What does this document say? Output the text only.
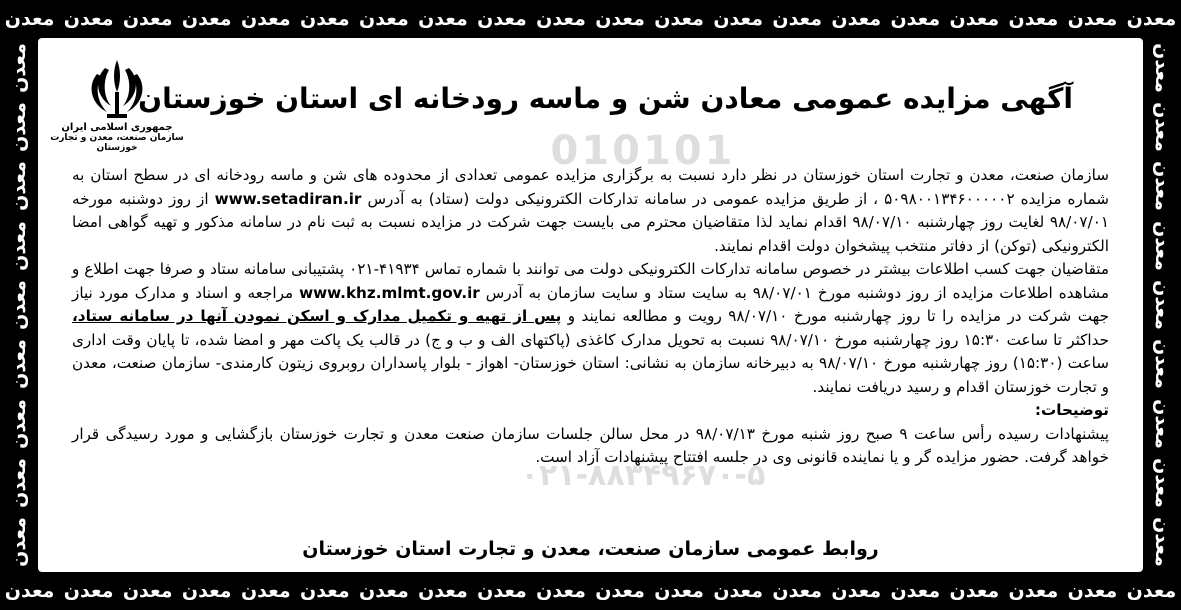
معدن
معدن
معدن
معدن
معدن
معدن
معدن
معدن
معدن
معدن
معدن
معدن
معدن
معدن
معدن
معدن
معدن
معدن
معدن
معدن
معدن
معدن
معدن
معدن
معدن
معدن
معدن
معدن
معدن
معدن
معدن
معدن
معدن
معدن
معدن
معدن
معدن
معدن
معدن
معدن
معدن
معدن
معدن
معدن
معدن
معدن
معدن
معدن
معدن
معدن
معدن
معدن
معدن
معدن
معدن
معدن
معدن
معدن
010101
۰۲۱-۸۸۳۴۹۶۷۰-۵
جمهوری اسلامی ایران
سازمان صنعت، معدن و تجارت خوزستان
آگهی مزایده عمومی معادن شن و ماسه رودخانه ای استان خوزستان

سازمان صنعت، معدن و تجارت استان خوزستان در نظر دارد نسبت به برگزاری مزایده عمومی تعدادی از محدوده های شن و ماسه رودخانه ای در سطح استان به شماره مزایده ۵۰۹۸۰۰۱۳۴۶۰۰۰۰۰۲ ، از طریق مزایده عمومی در سامانه تدارکات الکترونیکی دولت (ستاد) به آدرس www.setadiran.ir از روز دوشنبه مورخه ۹۸/۰۷/۰۱ لغایت روز چهارشنبه ۹۸/۰۷/۱۰ اقدام نماید لذا متقاضیان محترم می بایست جهت شرکت در مزایده نسبت به ثبت نام در سامانه مذکور و تهیه گواهی امضا الکترونیکی (توکن) از دفاتر منتخب پیشخوان دولت اقدام نمایند.

متقاضیان جهت کسب اطلاعات بیشتر در خصوص سامانه تدارکات الکترونیکی دولت می توانند با شماره تماس ۴۱۹۳۴-۰۲۱ پشتیبانی سامانه ستاد و صرفا جهت اطلاع و مشاهده اطلاعات مزایده از روز دوشنبه مورخ ۹۸/۰۷/۰۱ به سایت ستاد و سایت سازمان به آدرس www.khz.mlmt.gov.ir مراجعه و اسناد و مدارک مورد نیاز جهت شرکت در مزایده را تا روز چهارشنبه مورخ ۹۸/۰۷/۱۰ رویت و مطالعه نمایند و پس از تهیه و تکمیل مدارک و اسکن نمودن آنها در سامانه ستاد، حداکثر تا ساعت ۱۵:۳۰ روز چهارشنبه مورخ ۹۸/۰۷/۱۰ نسبت به تحویل مدارک کاغذی (پاکتهای الف و ب و ج) در قالب یک پاکت مهر و امضا شده، تا پایان وقت اداری ساعت (۱۵:۳۰) روز چهارشنبه مورخ ۹۸/۰۷/۱۰ به دبیرخانه سازمان به نشانی: استان خوزستان- اهواز - بلوار پاسداران روبروی زیتون کارمندی- سازمان صنعت، معدن و تجارت خوزستان اقدام و رسید دریافت نمایند.

توضیحات:

پیشنهادات رسیده رأس ساعت ۹ صبح روز شنبه مورخ ۹۸/۰۷/۱۳ در محل سالن جلسات سازمان صنعت معدن و تجارت خوزستان بازگشایی و مورد رسیدگی قرار خواهد گرفت. حضور مزایده گر و یا نماینده قانونی وی در جلسه افتتاح پیشنهادات آزاد است.

روابط عمومی سازمان صنعت، معدن و تجارت استان خوزستان
